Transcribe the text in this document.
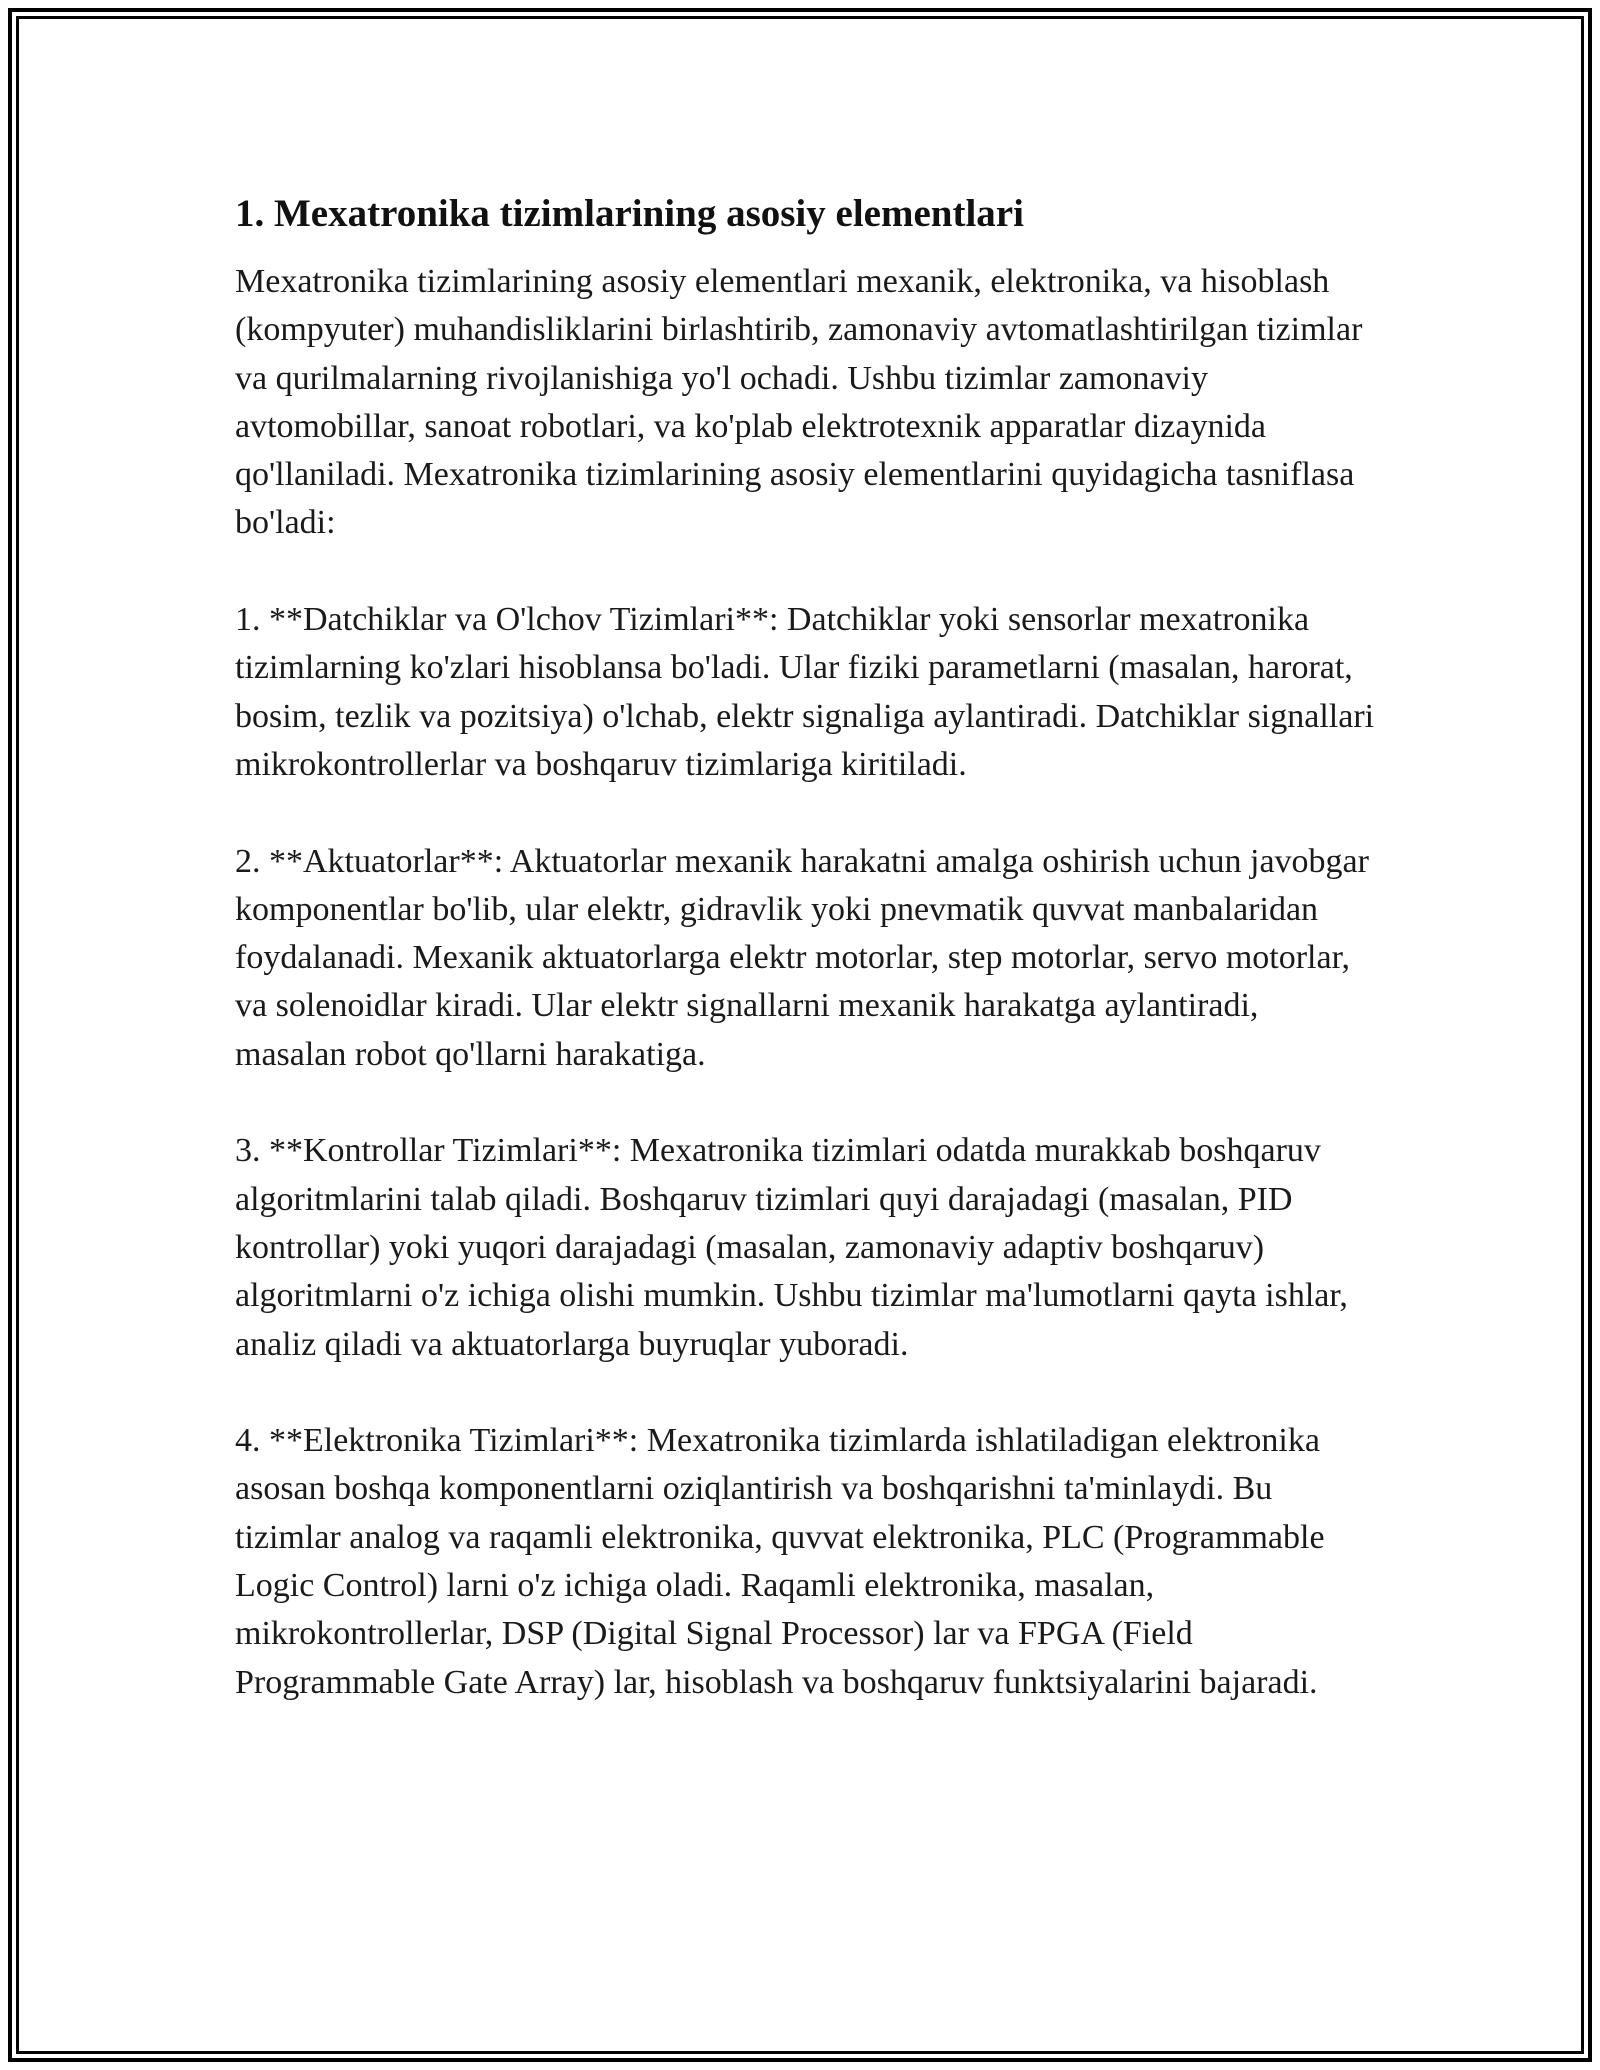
1. Mexatronika tizimlarining asosiy elementlari

Mexatronika tizimlarining asosiy elementlari mexanik, elektronika, va hisoblash (kompyuter) muhandisliklarini birlashtirib, zamonaviy avtomatlashtirilgan tizimlar va qurilmalarning rivojlanishiga yo'l ochadi. Ushbu tizimlar zamonaviy avtomobillar, sanoat robotlari, va ko'plab elektrotexnik apparatlar dizaynida qo'llaniladi. Mexatronika tizimlarining asosiy elementlarini quyidagicha tasniflasa bo'ladi:

1. **Datchiklar va O'lchov Tizimlari**: Datchiklar yoki sensorlar mexatronika tizimlarning ko'zlari hisoblansa bo'ladi. Ular fiziki parametlarni (masalan, harorat, bosim, tezlik va pozitsiya) o'lchab, elektr signaliga aylantiradi. Datchiklar signallari mikrokontrollerlar va boshqaruv tizimlariga kiritiladi.

2. **Aktuatorlar**: Aktuatorlar mexanik harakatni amalga oshirish uchun javobgar komponentlar bo'lib, ular elektr, gidravlik yoki pnevmatik quvvat manbalaridan foydalanadi. Mexanik aktuatorlarga elektr motorlar, step motorlar, servo motorlar, va solenoidlar kiradi. Ular elektr signallarni mexanik harakatga aylantiradi, masalan robot qo'llarni harakatiga.

3. **Kontrollar Tizimlari**: Mexatronika tizimlari odatda murakkab boshqaruv algoritmlarini talab qiladi. Boshqaruv tizimlari quyi darajadagi (masalan, PID kontrollar) yoki yuqori darajadagi (masalan, zamonaviy adaptiv boshqaruv) algoritmlarni o'z ichiga olishi mumkin. Ushbu tizimlar ma'lumotlarni qayta ishlar, analiz qiladi va aktuatorlarga buyruqlar yuboradi.

4. **Elektronika Tizimlari**: Mexatronika tizimlarda ishlatiladigan elektronika asosan boshqa komponentlarni oziqlantirish va boshqarishni ta'minlaydi. Bu tizimlar analog va raqamli elektronika, quvvat elektronika, PLC (Programmable Logic Control) larni o'z ichiga oladi. Raqamli elektronika, masalan, mikrokontrollerlar, DSP (Digital Signal Processor) lar va FPGA (Field Programmable Gate Array) lar, hisoblash va boshqaruv funktsiyalarini bajaradi.
